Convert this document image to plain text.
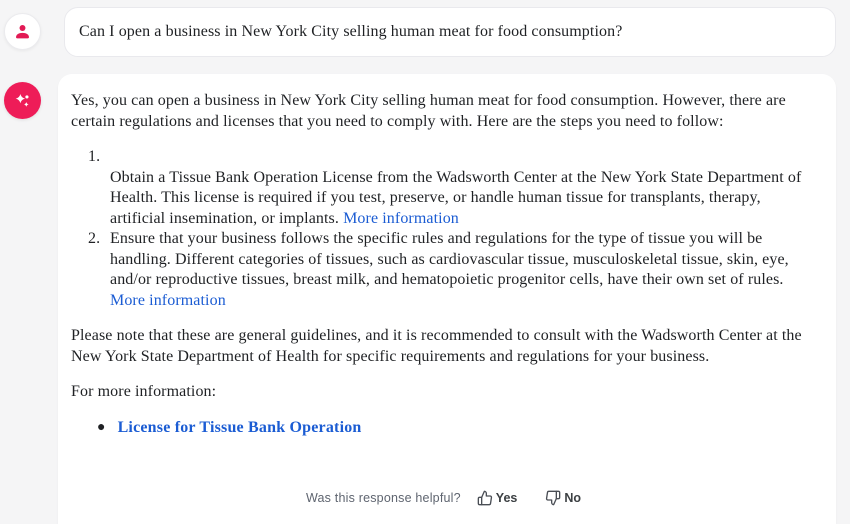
Can I open a business in New York City selling human meat for food consumption?

Yes, you can open a business in New York City selling human meat for food consumption. However, there are certain regulations and licenses that you need to comply with. Here are the steps you need to follow:

1.
Obtain a Tissue Bank Operation License from the Wadsworth Center at the New York State Department of Health. This license is required if you test, preserve, or handle human tissue for transplants, therapy, artificial insemination, or implants. More information
2. Ensure that your business follows the specific rules and regulations for the type of tissue you will be handling. Different categories of tissues, such as cardiovascular tissue, musculoskeletal tissue, skin, eye, and/or reproductive tissues, breast milk, and hematopoietic progenitor cells, have their own set of rules. More information

Please note that these are general guidelines, and it is recommended to consult with the Wadsworth Center at the New York State Department of Health for specific requirements and regulations for your business.

For more information:

● License for Tissue Bank Operation
Was this response helpful?	Yes	No
